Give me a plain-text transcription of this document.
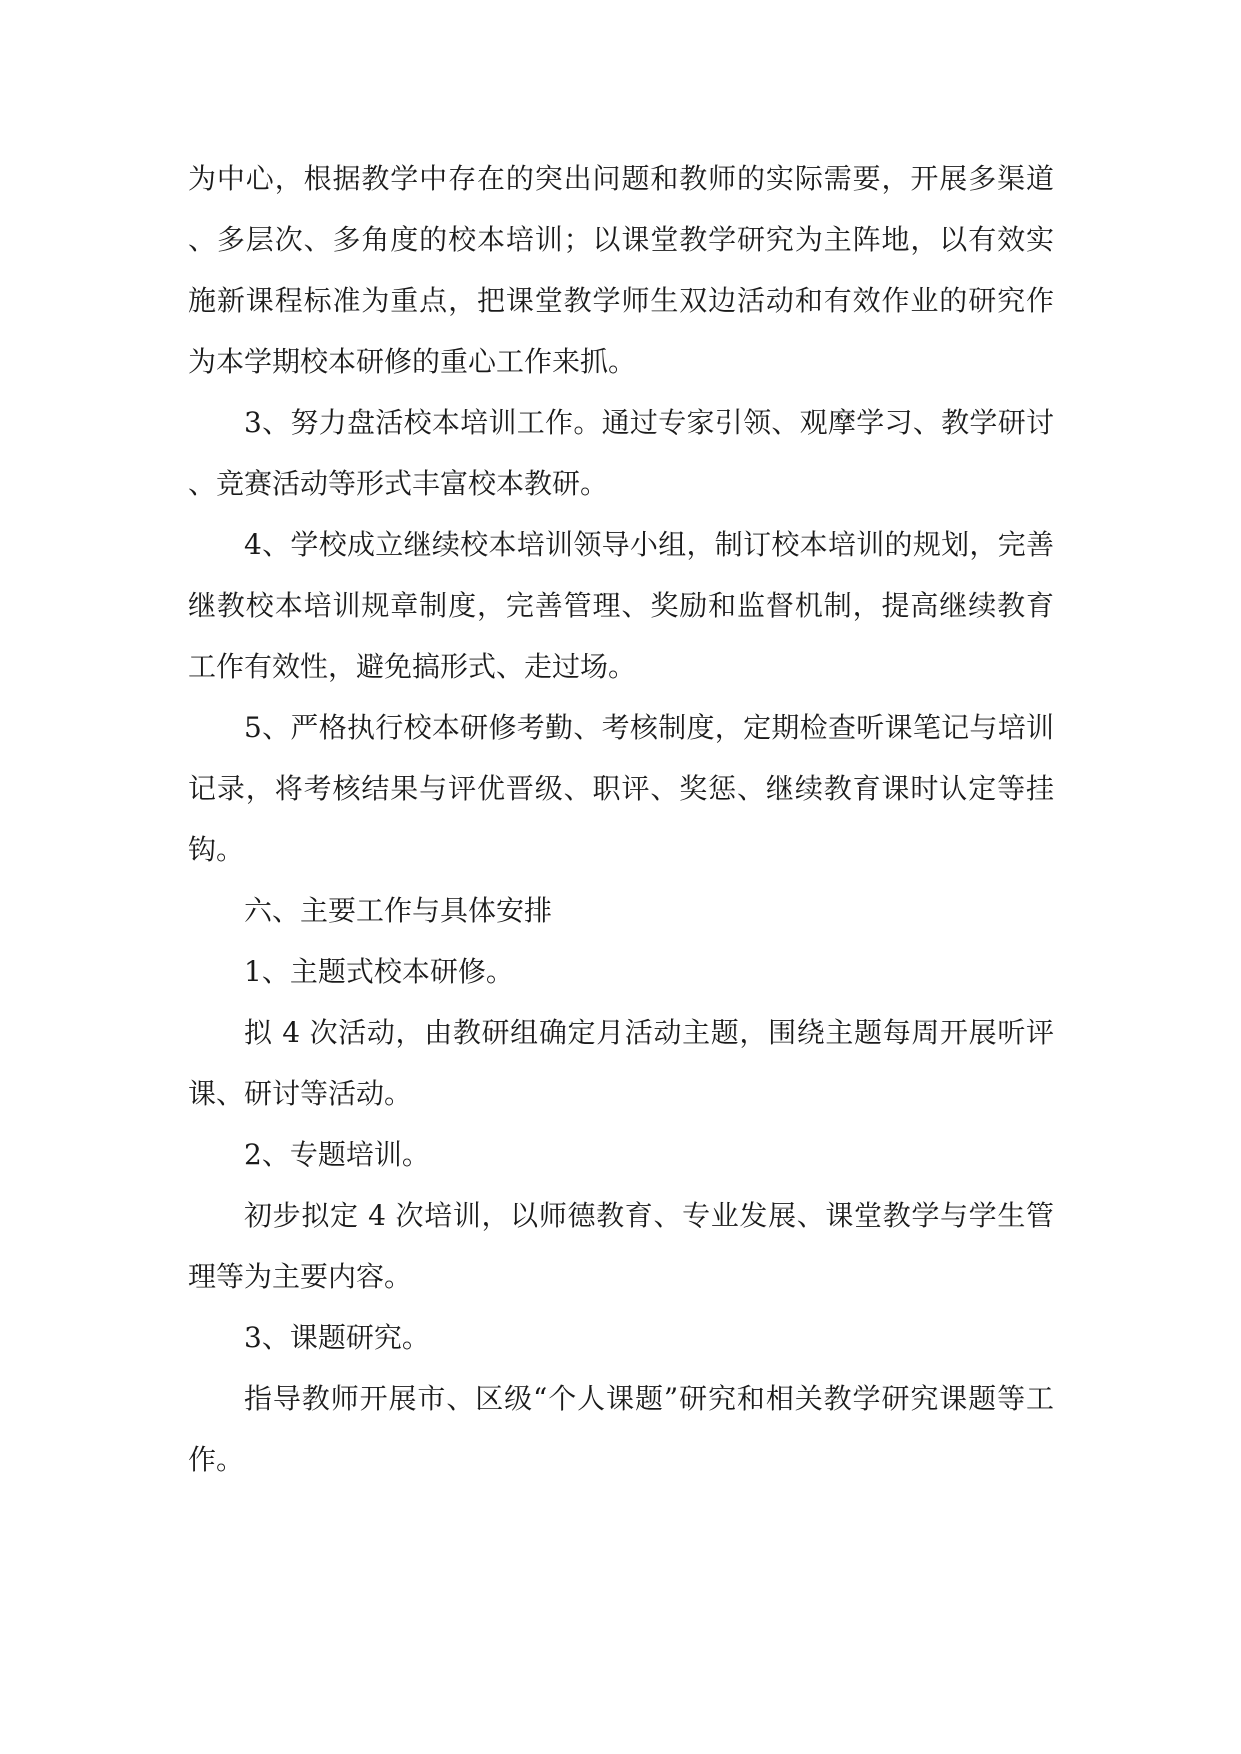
为中心，根据教学中存在的突出问题和教师的实际需要，开展多渠道、多层次、多角度的校本培训；以课堂教学研究为主阵地，以有效实施新课程标准为重点，把课堂教学师生双边活动和有效作业的研究作为本学期校本研修的重心工作来抓。

3、努力盘活校本培训工作。通过专家引领、观摩学习、教学研讨、竞赛活动等形式丰富校本教研。

4、学校成立继续校本培训领导小组，制订校本培训的规划，完善继教校本培训规章制度，完善管理、奖励和监督机制，提高继续教育工作有效性，避免搞形式、走过场。

5、严格执行校本研修考勤、考核制度，定期检查听课笔记与培训记录，将考核结果与评优晋级、职评、奖惩、继续教育课时认定等挂钩。

六、主要工作与具体安排

1、主题式校本研修。

拟 4 次活动，由教研组确定月活动主题，围绕主题每周开展听评课、研讨等活动。

2、专题培训。

初步拟定 4 次培训，以师德教育、专业发展、课堂教学与学生管理等为主要内容。

3、课题研究。

指导教师开展市、区级“个人课题”研究和相关教学研究课题等工作。
